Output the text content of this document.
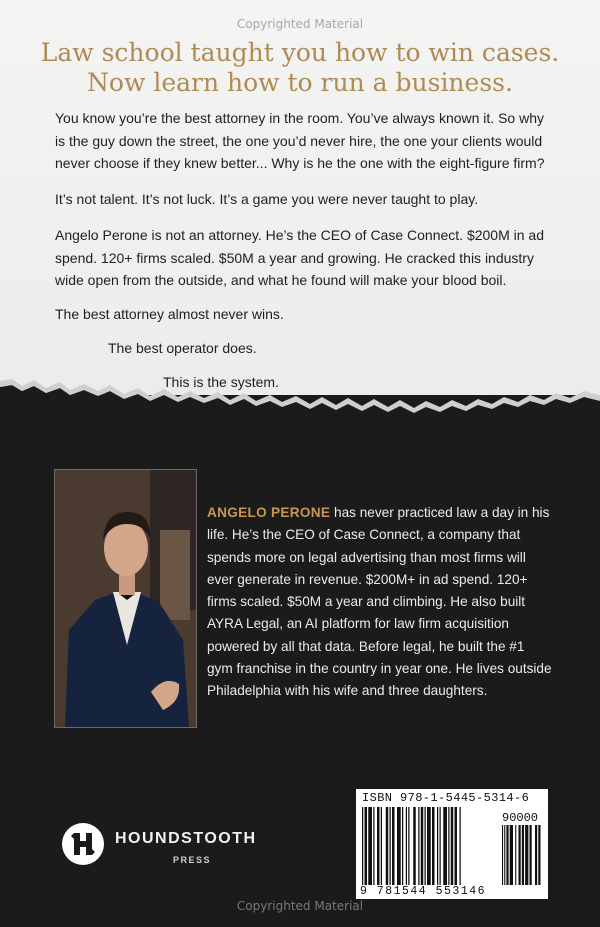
Copyrighted Material
Law school taught you how to win cases.
Now learn how to run a business.
You know you’re the best attorney in the room. You’ve always known it. So why is the guy down the street, the one you’d never hire, the one your clients would never choose if they knew better... Why is he the one with the eight-figure firm?
It’s not talent. It’s not luck. It’s a game you were never taught to play.
Angelo Perone is not an attorney. He’s the CEO of Case Connect. $200M in ad spend. 120+ firms scaled. $50M a year and growing. He cracked this industry wide open from the outside, and what he found will make your blood boil.
The best attorney almost never wins.
The best operator does.
This is the system.
ANGELO PERONE has never practiced law a day in his life. He’s the CEO of Case Connect, a company that spends more on legal advertising than most firms will ever generate in revenue. $200M+ in ad spend. 120+ firms scaled. $50M a year and climbing. He also built AYRA Legal, an AI platform for law firm acquisition powered by all that data. Before legal, he built the #1 gym franchise in the country in year one. He lives outside Philadelphia with his wife and three daughters.
HOUNDSTOOTH
PRESS
ISBN 978-1-5445-5314-6
90000
9 781544 553146
Copyrighted Material
